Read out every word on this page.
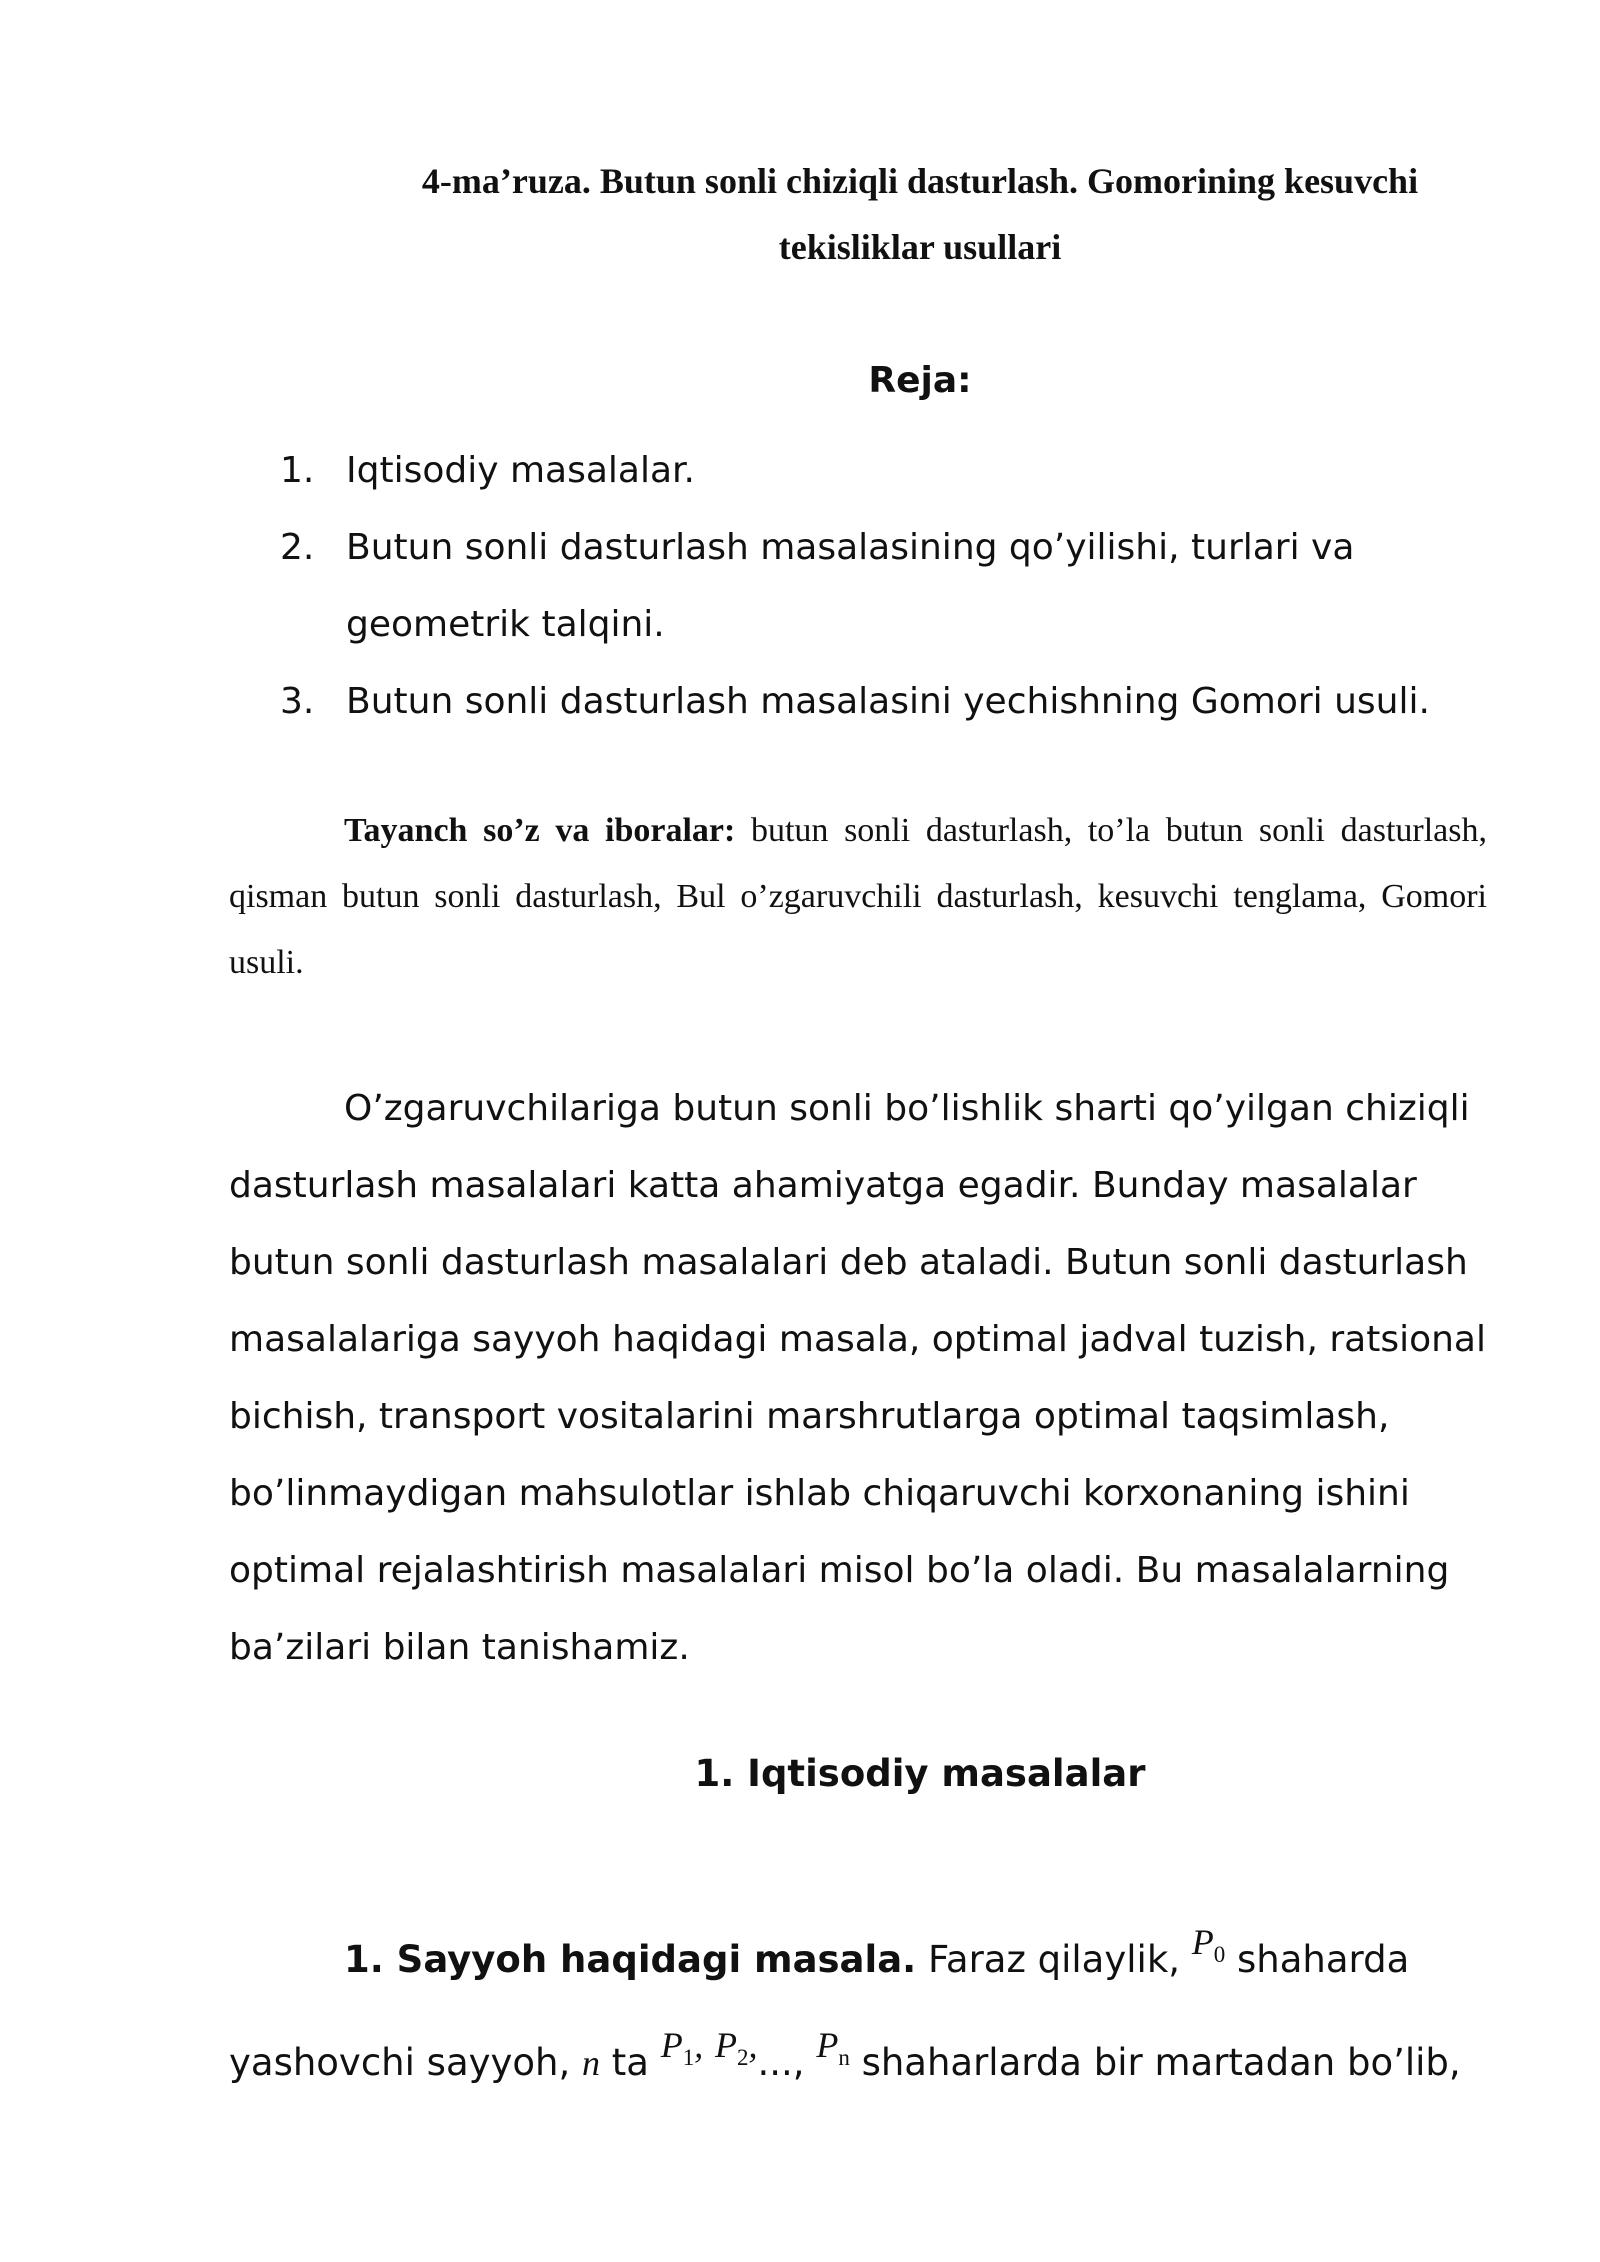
4-ma’ruza. Butun sonli chiziqli dasturlash. Gomorining kesuvchi
tekisliklar usullari
Reja:
1. Iqtisodiy masalalar.
2. Butun sonli dasturlash masalasining qo’yilishi, turlari va
geometrik talqini.
3. Butun sonli dasturlash masalasini yechishning Gomori usuli.
Tayanch so’z va iboralar: butun sonli dasturlash, to’la butun sonli dasturlash, qisman butun sonli dasturlash, Bul o’zgaruvchili dasturlash, kesuvchi tenglama, Gomori usuli.
O’zgaruvchilariga butun sonli bo’lishlik sharti qo’yilgan chiziqli
dasturlash masalalari katta ahamiyatga egadir. Bunday masalalar
butun sonli dasturlash masalalari deb ataladi. Butun sonli dasturlash
masalalariga sayyoh haqidagi masala, optimal jadval tuzish, ratsional
bichish, transport vositalarini marshrutlarga optimal taqsimlash,
bo’linmaydigan mahsulotlar ishlab chiqaruvchi korxonaning ishini
optimal rejalashtirish masalalari misol bo’la oladi. Bu masalalarning
ba’zilari bilan tanishamiz.
1. Iqtisodiy masalalar
1. Sayyoh haqidagi masala. Faraz qilaylik, $P_0$ shaharda
yashovchi sayyoh, n ta $P_1$, $P_2$,..., $P_n$ shaharlarda bir martadan bo’lib,
